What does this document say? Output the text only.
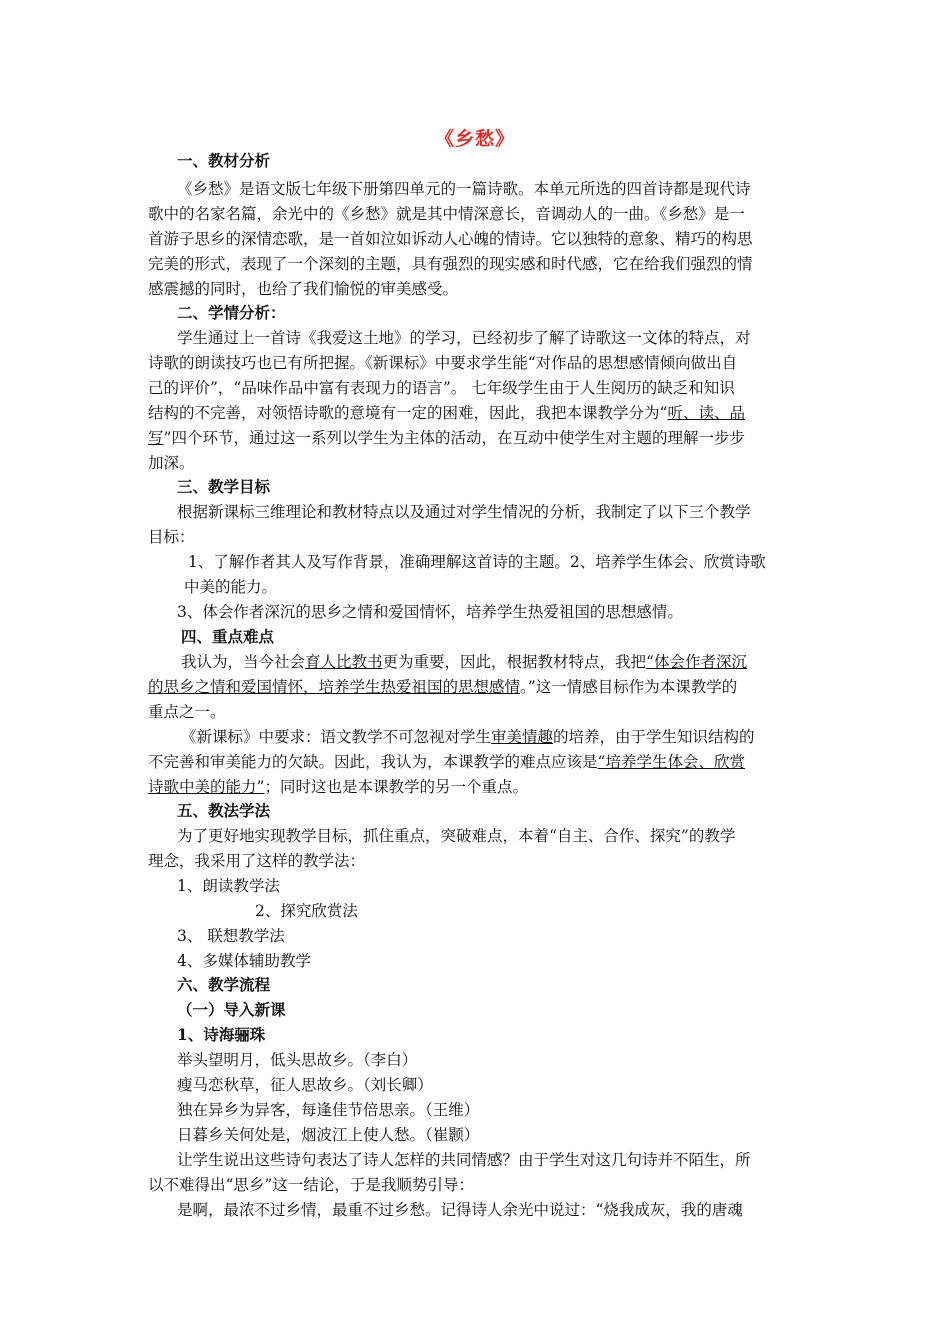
《乡愁》
一、教材分析
《乡愁》是语文版七年级下册第四单元的一篇诗歌。本单元所选的四首诗都是现代诗
歌中的名家名篇，余光中的《乡愁》就是其中情深意长，音调动人的一曲。《乡愁》是一
首游子思乡的深情恋歌，是一首如泣如诉动人心魄的情诗。它以独特的意象、精巧的构思
完美的形式，表现了一个深刻的主题，具有强烈的现实感和时代感，它在给我们强烈的情
感震撼的同时，也给了我们愉悦的审美感受。
二、学情分析：
学生通过上一首诗《我爱这土地》的学习，已经初步了解了诗歌这一文体的特点，对
诗歌的朗读技巧也已有所把握。《新课标》中要求学生能“对作品的思想感情倾向做出自
己的评价”，“品味作品中富有表现力的语言”。 七年级学生由于人生阅历的缺乏和知识
结构的不完善，对领悟诗歌的意境有一定的困难，因此，我把本课教学分为“听、读、品
写”四个环节，通过这一系列以学生为主体的活动，在互动中使学生对主题的理解一步步
加深。
三、教学目标
根据新课标三维理论和教材特点以及通过对学生情况的分析，我制定了以下三个教学
目标：
1、了解作者其人及写作背景，准确理解这首诗的主题。2、培养学生体会、欣赏诗歌
中美的能力。
3、体会作者深沉的思乡之情和爱国情怀，培养学生热爱祖国的思想感情。
四、重点难点
我认为，当今社会育人比教书更为重要，因此，根据教材特点，我把“体会作者深沉
的思乡之情和爱国情怀，培养学生热爱祖国的思想感情。”这一情感目标作为本课教学的
重点之一。
《新课标》中要求：语文教学不可忽视对学生审美情趣的培养，由于学生知识结构的
不完善和审美能力的欠缺。因此，我认为，本课教学的难点应该是“培养学生体会、欣赏
诗歌中美的能力”；同时这也是本课教学的另一个重点。
五、教法学法
为了更好地实现教学目标，抓住重点，突破难点，本着“自主、合作、探究”的教学
理念，我采用了这样的教学法：
1、朗读教学法
2、探究欣赏法
3、 联想教学法
4、多媒体辅助教学
六、教学流程
（一）导入新课
1、诗海骊珠
举头望明月，低头思故乡。（李白）
瘦马恋秋草，征人思故乡。（刘长卿）
独在异乡为异客，每逢佳节倍思亲。（王维）
日暮乡关何处是，烟波江上使人愁。（崔颢）
让学生说出这些诗句表达了诗人怎样的共同情感？由于学生对这几句诗并不陌生，所
以不难得出“思乡”这一结论，于是我顺势引导：
是啊，最浓不过乡情，最重不过乡愁。记得诗人余光中说过：“烧我成灰，我的唐魂
